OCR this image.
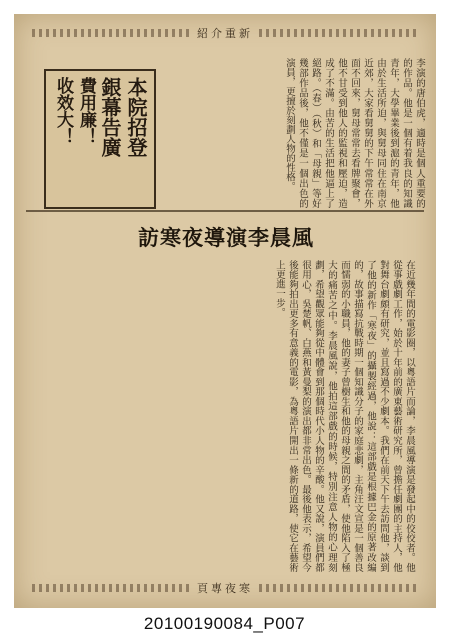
紹介重新
本院招登
銀幕告廣
費用廉！
收效大！	李演的唐伯虎，適時是個人重要的的作品。他是一個有着我良的知識青年，大學畢業後到滬的青年，他由於生活所迫，與舅母同住在南京近郊，大家看舅舅的下午常常在外面不回來，舅母常常去看牌聚會，他不甘受到他人的監視和壓迫，造成了不滿。由苦的生活把他逼上了絕路。（春）（秋）和「母親」等好幾部作品後，他不僅是一個出色的演員，更擅於刻劃人物的性格。
訪寒夜導演李晨風
在近幾年間的電影圈，以粵語片而論，李晨風導演是發起中的佼佼者。他從事戲劇工作，始於十年前的廣東藝術研究所，曾擔任劇團的主持人，他對舞台劇頗有研究，並且寫過不少劇本。我們在前天下午去訪問他，談到了他的新作「寒夜」的攝製經過，他說：這部戲是根據巴金的原著改編的，故事描寫抗戰時期一個知識分子的家庭悲劇，主角汪文宣是一個善良而懦弱的小職員，他的妻子曾樹生和他的母親之間的矛盾，使他陷入了極大的痛苦之中。李晨風說，他拍這部戲的時候，特別注意人物的心理刻劃，希望觀眾能夠從中體會到那個時代小人物的辛酸。他又說，演員們都很用心，吳楚帆、白燕和黃曼梨的演出都非常出色。最後他表示，希望今後能夠拍出更多有意義的電影，為粵語片開出一條新的道路，使它在藝術上更進一步。
頁專夜寒
20100190084_P007
